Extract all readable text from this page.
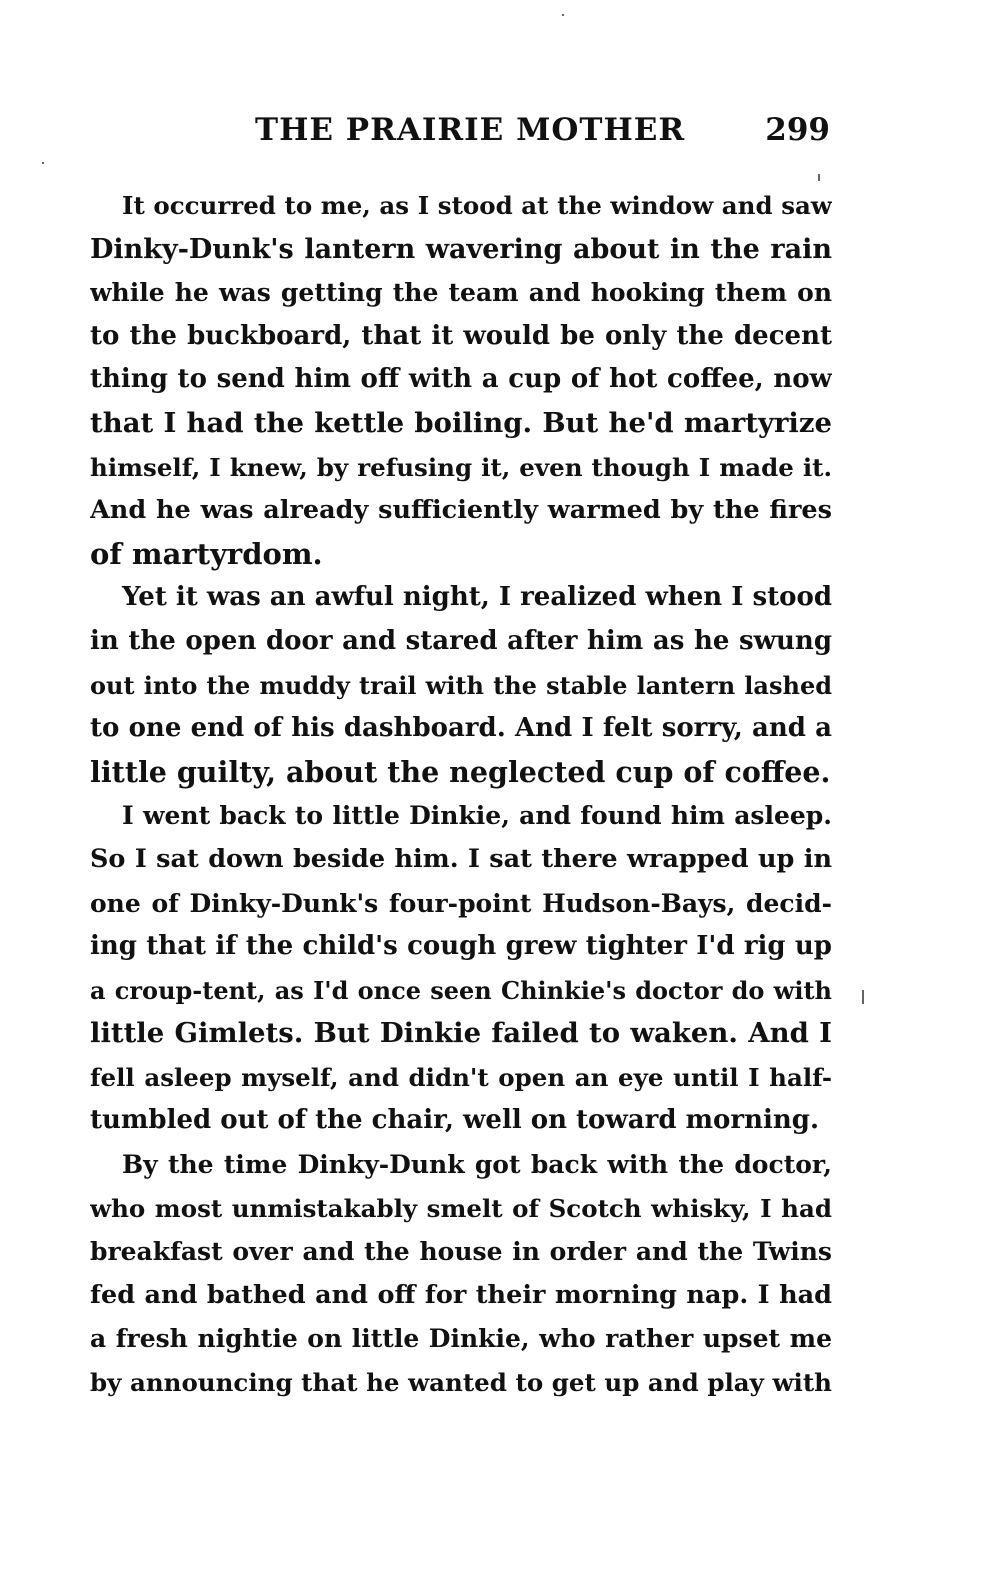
THE PRAIRIE MOTHER	299
It occurred to me, as I stood at the window and saw
Dinky-Dunk's lantern wavering about in the rain
while he was getting the team and hooking them on
to the buckboard, that it would be only the decent
thing to send him off with a cup of hot coffee, now
that I had the kettle boiling. But he'd martyrize
himself, I knew, by refusing it, even though I made it.
And he was already sufficiently warmed by the fires
of martyrdom.
Yet it was an awful night, I realized when I stood
in the open door and stared after him as he swung
out into the muddy trail with the stable lantern lashed
to one end of his dashboard. And I felt sorry, and a
little guilty, about the neglected cup of coffee.
I went back to little Dinkie, and found him asleep.
So I sat down beside him. I sat there wrapped up in
one of Dinky-Dunk's four-point Hudson-Bays, decid-
ing that if the child's cough grew tighter I'd rig up
a croup-tent, as I'd once seen Chinkie's doctor do with
little Gimlets. But Dinkie failed to waken. And I
fell asleep myself, and didn't open an eye until I half-
tumbled out of the chair, well on toward morning.
By the time Dinky-Dunk got back with the doctor,
who most unmistakably smelt of Scotch whisky, I had
breakfast over and the house in order and the Twins
fed and bathed and off for their morning nap. I had
a fresh nightie on little Dinkie, who rather upset me
by announcing that he wanted to get up and play with
